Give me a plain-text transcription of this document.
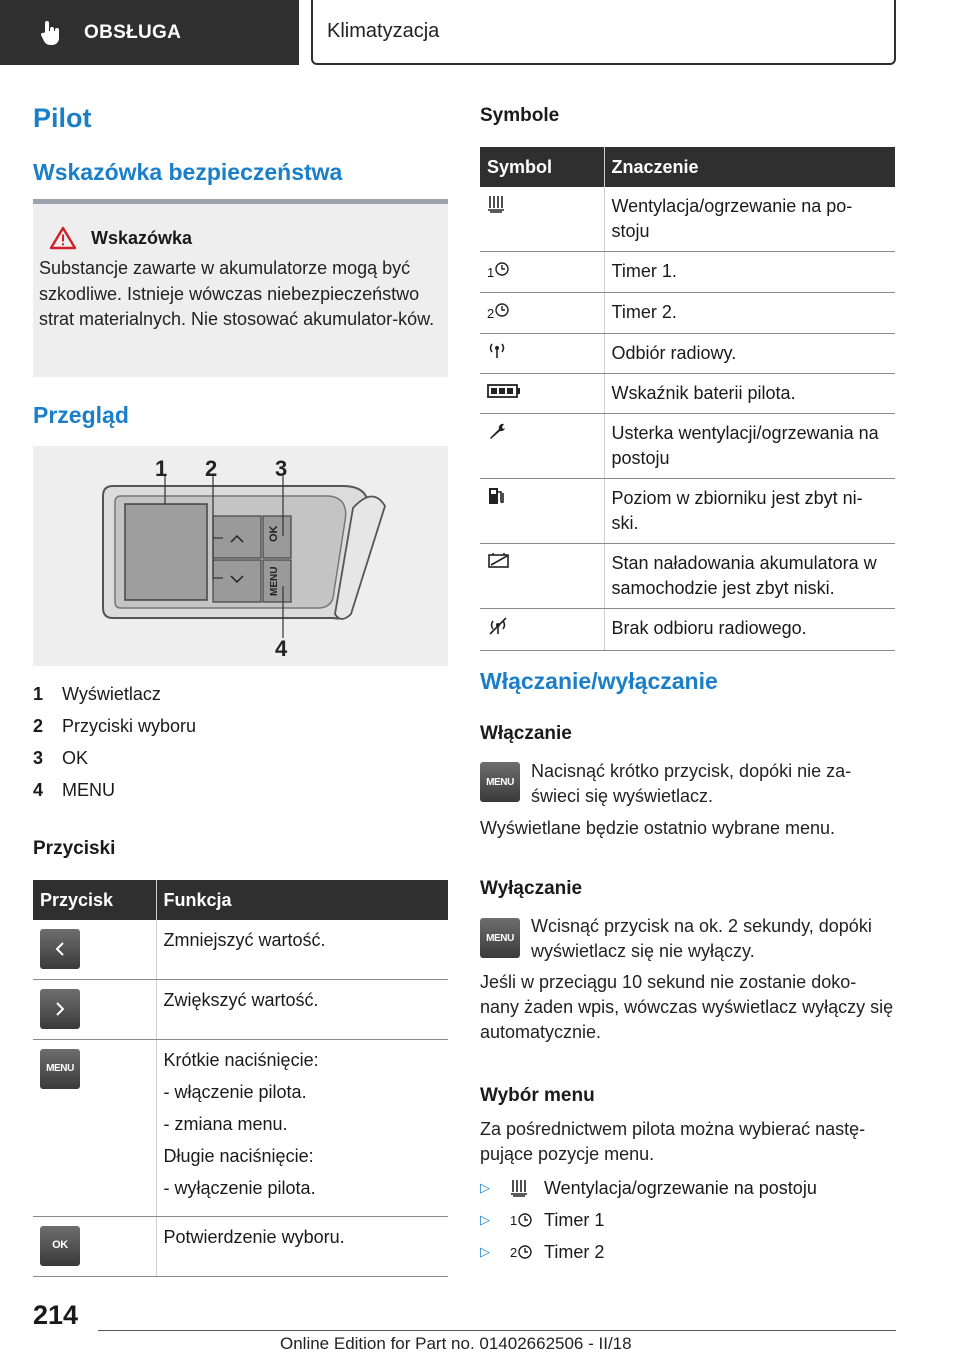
OBSŁUGA	Klimatyzacja
Pilot
Wskazówka bezpieczeństwa
Wskazówka
Substancje zawarte w akumulatorze mogą być szkodliwe. Istnieje wówczas niebezpieczeństwo strat materialnych. Nie stosować akumulator-ków.
Przegląd
OK
MENU
1 2	3
4
1	Wyświetlacz
2	Przyciski wyboru
3	OK
4	MENU
Przyciski
Przycisk	Funkcja

	Zmniejszyć wartość.

	Zwiększyć wartość.

MENU	Krótkie naciśnięcie:

- włączenie pilota.

- zmiana menu.

Długie naciśnięcie:

- wyłączenie pilota.

OK	Potwierdzenie wyboru.
Symbole
Symbol	Znaczenie
	Wentylacja/ogrzewanie na po-stoju
1	Timer 1.
2	Timer 2.
	Odbiór radiowy.
	Wskaźnik baterii pilota.
	Usterka wentylacji/ogrzewania na postoju
	Poziom w zbiorniku jest zbyt ni-ski.
	Stan naładowania akumulatora w samochodzie jest zbyt niski.
	Brak odbioru radiowego.
Włączanie/wyłączanie
Włączanie
MENU
Nacisnąć krótko przycisk, dopóki nie za-świeci się wyświetlacz.
Wyświetlane będzie ostatnio wybrane menu.
Wyłączanie
MENU
Wcisnąć przycisk na ok. 2 sekundy, dopóki wyświetlacz się nie wyłączy.
Jeśli w przeciągu 10 sekund nie zostanie doko-nany żaden wpis, wówczas wyświetlacz wyłączy się automatycznie.
Wybór menu
Za pośrednictwem pilota można wybierać nastę-pujące pozycje menu.
▷	Wentylacja/ogrzewanie na postoju
▷	1 Timer 1
▷	2 Timer 2
214
Online Edition for Part no. 01402662506 - II/18
